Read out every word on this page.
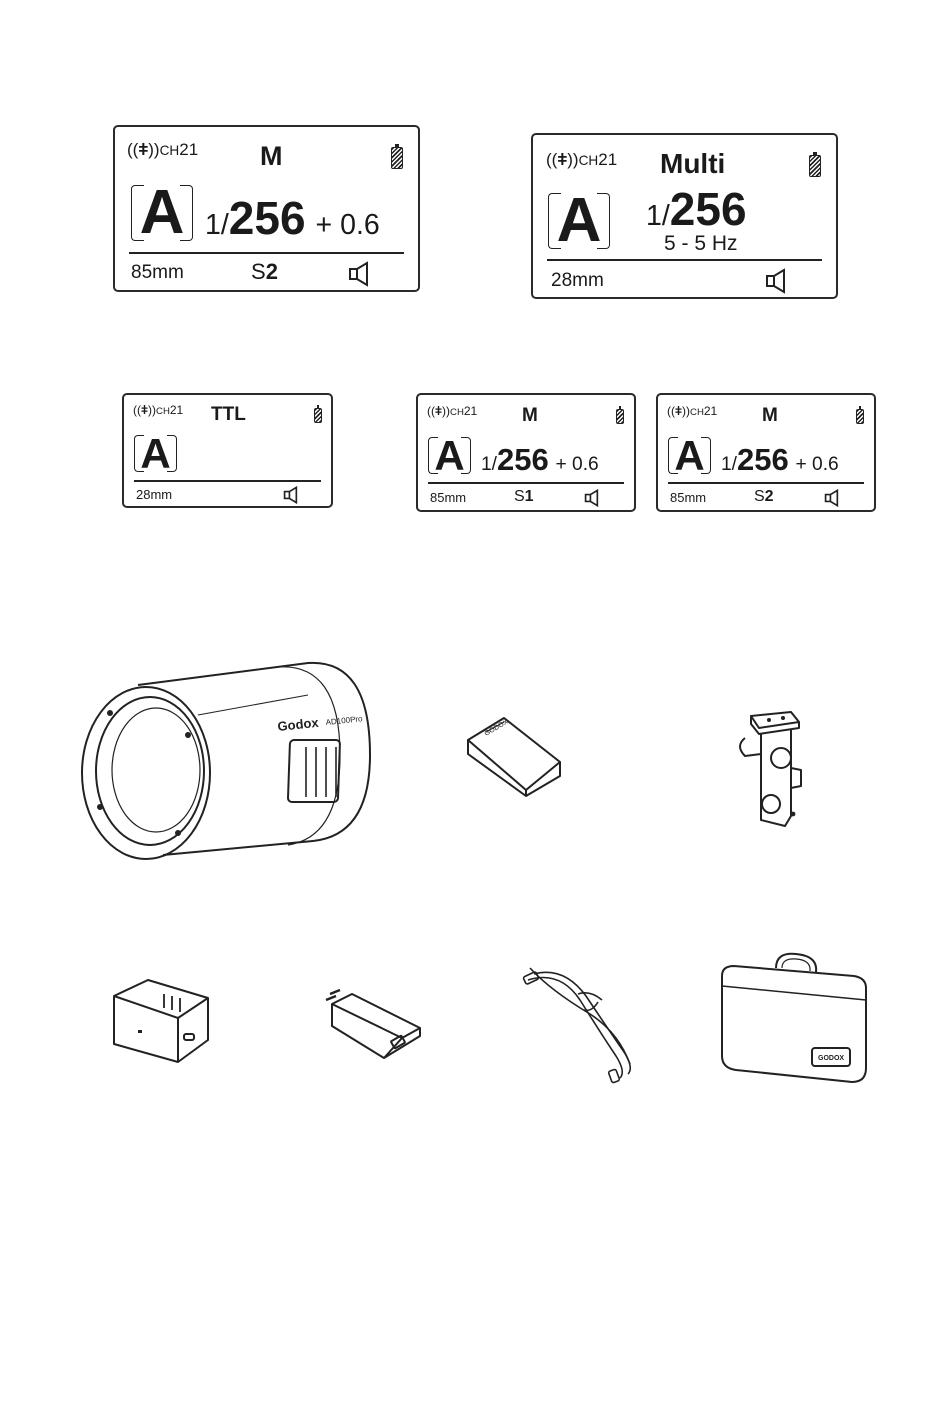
((ǂ))CH21 M
A 1/ 256 + 0.6
85mm	S2
((ǂ))CH21 Multi
A 1/ 256
5 - 5 Hz
28mm
((ǂ))CH21 TTL
A
28mm
((ǂ))CH21 M
A 1/ 256 + 0.6
85mm	S1
((ǂ))CH21 M
A 1/ 256 + 0.6
85mm	S2
Godox AD100Pro	GODOX
GODOX
